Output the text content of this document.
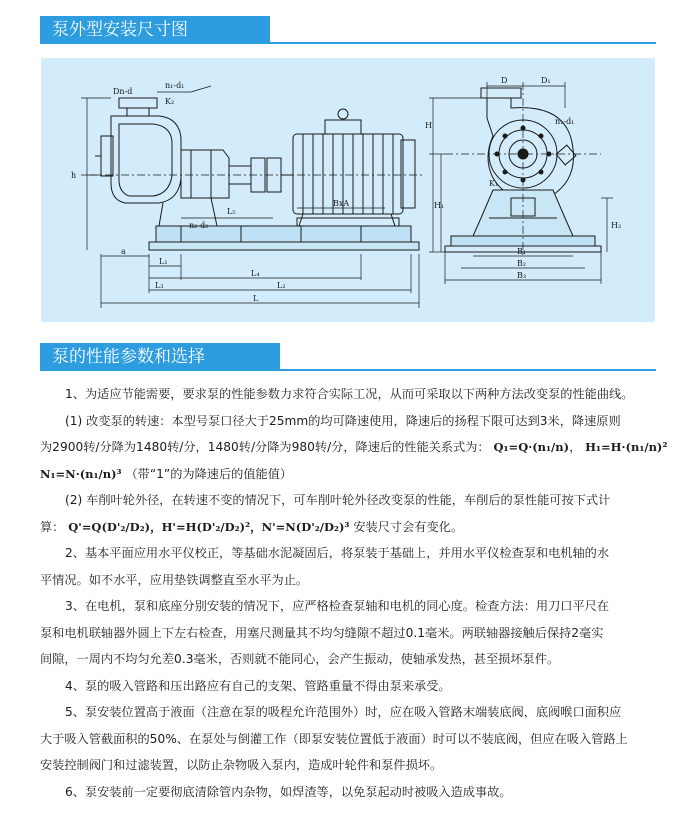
泵外型安装尺寸图
Dn-d
n₁-d₁
K₂
h
L₅
BxA
n₂-d₂
a
L₁
L₃
L₄
L₂
L
D	D₁
n₁-d₁
K₁
H
H₁
H₂
B₁
B₂
B₃
泵的性能参数和选择
1、为适应节能需要，要求泵的性能参数力求符合实际工况，从而可采取以下两种方法改变泵的性能曲线。
(1) 改变泵的转速：本型号泵口径大于25mm的均可降速使用，降速后的扬程下限可达到3米，降速原则
为2900转/分降为1480转/分，1480转/分降为980转/分，降速后的性能关系式为： Q₁=Q·(n₁/n)， H₁=H·(n₁/n)²
N₁=N·(n₁/n)³ （带“1”的为降速后的值能值）
(2) 车削叶轮外径，在转速不变的情况下，可车削叶轮外径改变泵的性能，车削后的泵性能可按下式计
算： Q'=Q(D'₂/D₂)，H'=H(D'₂/D₂)²，N'=N(D'₂/D₂)³ 安装尺寸会有变化。
2、基本平面应用水平仪校正，等基础水泥凝固后，将泵装于基础上，并用水平仪检查泵和电机轴的水
平情况。如不水平，应用垫铁调整直至水平为止。
3、在电机，泵和底座分别安装的情况下，应严格检查泵轴和电机的同心度。检查方法：用刀口平尺在
泵和电机联轴器外圆上下左右检查，用塞尺测量其不均匀缝隙不超过0.1毫米。两联轴器接触后保持2毫实
间隙，一周内不均匀允差0.3毫米，否则就不能同心，会产生振动，使轴承发热，甚至损坏泵件。
4、泵的吸入管路和压出路应有自己的支架、管路重量不得由泵来承受。
5、泵安装位置高于液面（注意在泵的吸程允许范围外）时，应在吸入管路末端装底阀，底阀喉口面积应
大于吸入管截面积的50%、在泵处与倒灌工作（即泵安装位置低于液面）时可以不装底阀，但应在吸入管路上
安装控制阀门和过滤装置，以防止杂物吸入泵内，造成叶轮件和泵件损坏。
6、泵安装前一定要彻底清除管内杂物，如焊渣等，以免泵起动时被吸入造成事故。
